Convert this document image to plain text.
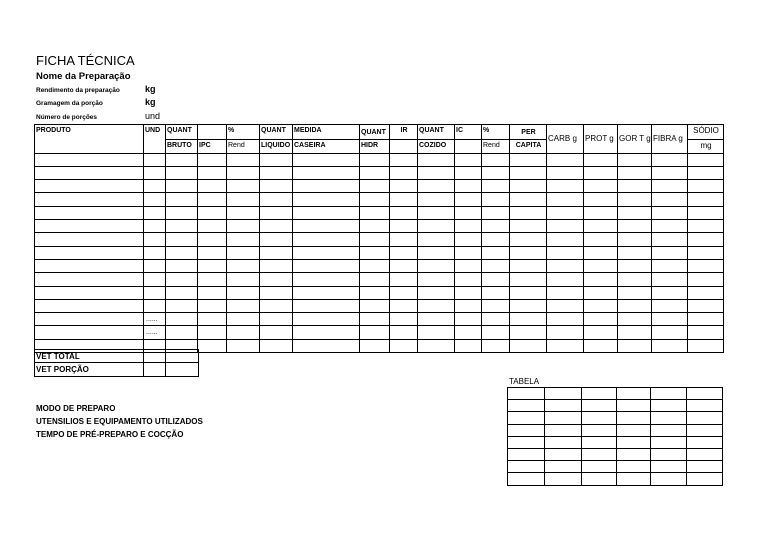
FICHA TÉCNICA
Nome da Preparação
Rendimento da preparação	kg
Gramagem da porção	kg
Número de porções	und
PRODUTO	UND	QUANT		%	QUANT	MEDIDA	QUANT	IR	QUANT	IC	%	PER	CARB g	PROT g	GOR T g	FIBRA g	SÓDIO
		BRUTO	IPC	Rend	LIQUIDO	CASEIRA	HIDR		COZIDO		Rend	CAPITA					mg

	......																
	......																

VET TOTAL		
VET PORÇÃO		
TABELA

MODO DE PREPARO
UTENSILIOS E EQUIPAMENTO UTILIZADOS
TEMPO DE PRÉ-PREPARO E COCÇÃO
